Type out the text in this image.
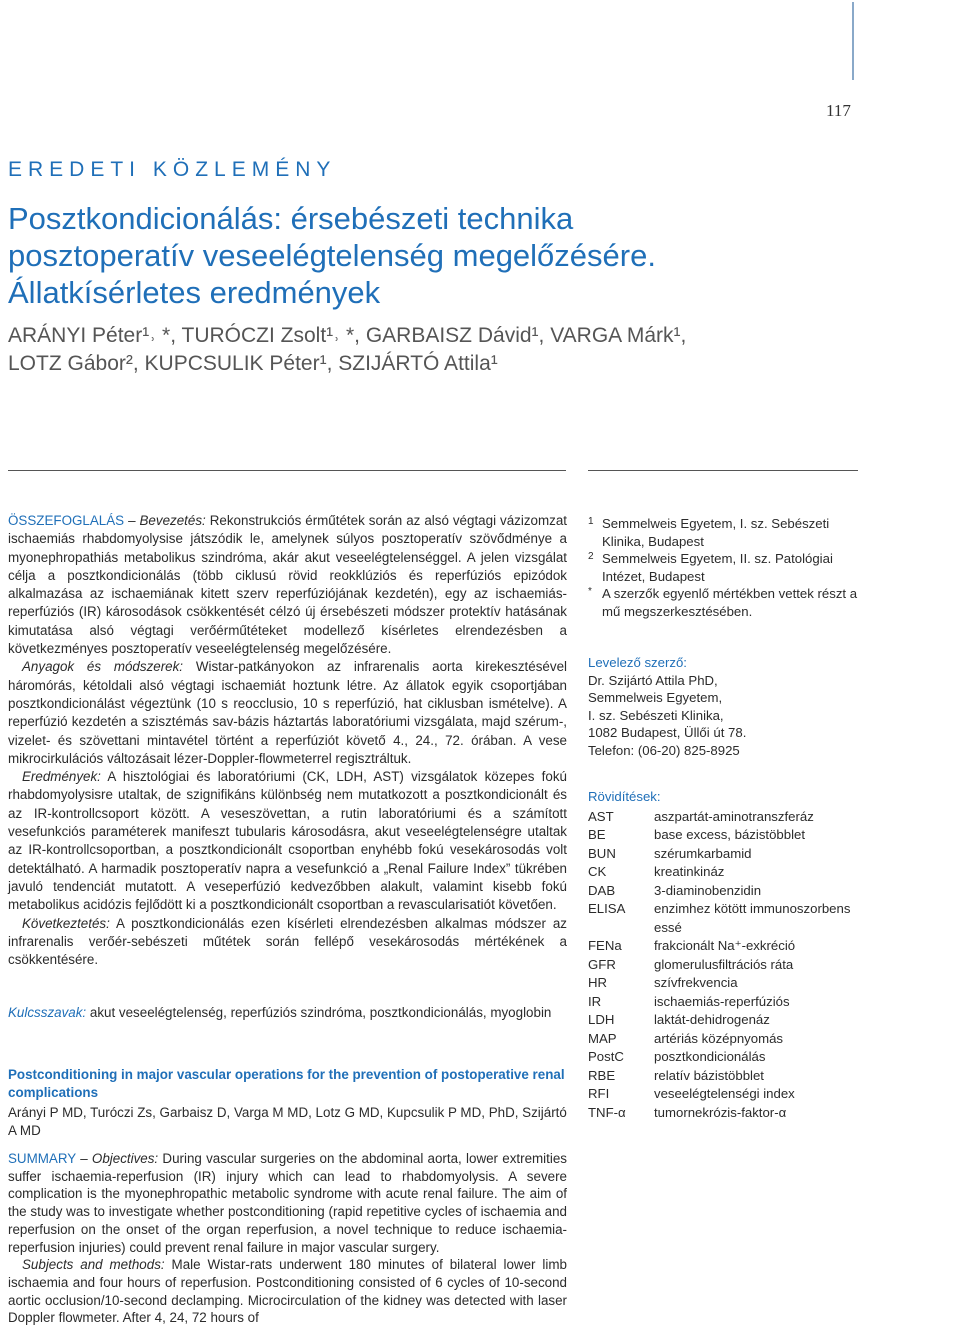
117
EREDETI KÖZLEMÉNY
Posztkondicionálás: érsebészeti technika
posztoperatív veseelégtelenség megelőzésére.
Állatkísérletes eredmények
ARÁNYI Péter¹˒ *, TURÓCZI Zsolt¹˒ *, GARBAISZ Dávid¹, VARGA Márk¹,
LOTZ Gábor², KUPCSULIK Péter¹, SZIJÁRTÓ Attila¹

ÖSSZEFOGLALÁS – Bevezetés: Rekonstrukciós érműtétek során az alsó végtagi vázizomzat ischaemiás rhabdomyolysise játszódik le, amelynek súlyos posztoperatív szövődménye a myonephropathiás metabolikus szindróma, akár akut veseelégtelenséggel. A jelen vizsgálat célja a posztkondicionálás (több ciklusú rövid reokklúziós és reperfúziós epizódok alkalmazása az ischaemiának kitett szerv reperfúziójának kezdetén), egy az ischaemiás-reperfúziós (IR) károsodások csökkentését célzó új érsebészeti módszer protektív hatásának kimutatása alsó végtagi verőérműtéteket modellező kísérletes elrendezésben a következményes posztoperatív veseelégtelenség megelőzésére.

Anyagok és módszerek: Wistar-patkányokon az infrarenalis aorta kirekesztésével háromórás, kétoldali alsó végtagi ischaemiát hoztunk létre. Az állatok egyik csoportjában posztkondicionálást végeztünk (10 s reocclusio, 10 s reperfúzió, hat ciklusban ismételve). A reperfúzió kezdetén a szisztémás sav-bázis háztartás laboratóriumi vizsgálata, majd szérum-, vizelet- és szövettani mintavétel történt a reperfúziót követő 4., 24., 72. órában. A vese mikrocirkulációs változásait lézer-Doppler-flowmeterrel regisztráltuk.

Eredmények: A hisztológiai és laboratóriumi (CK, LDH, AST) vizsgálatok közepes fokú rhabdomyolysisre utaltak, de szignifikáns különbség nem mutatkozott a posztkondicionált és az IR-kontrollcsoport között. A veseszövettan, a rutin laboratóriumi és a számított vesefunkciós paraméterek manifeszt tubularis károsodásra, akut veseelégtelenségre utaltak az IR-kontrollcsoportban, a posztkondicionált csoportban enyhébb fokú vesekárosodás volt detektálható. A harmadik posztoperatív napra a vesefunkció a „Renal Failure Index” tükrében javuló tendenciát mutatott. A veseperfúzió kedvezőbben alakult, valamint kisebb fokú metabolikus acidózis fejlődött ki a posztkondicionált csoportban a revascularisatiót követően.

Következtetés: A posztkondicionálás ezen kísérleti elrendezésben alkalmas módszer az infrarenalis verőér-sebészeti műtétek során fellépő vesekárosodás mértékének a csökkentésére.

Kulcsszavak: akut veseelégtelenség, reperfúziós szindróma, posztkondicionálás, myoglobin
Postconditioning in major vascular operations for the prevention of postoperative renal complications
Arányi P MD, Turóczi Zs, Garbaisz D, Varga M MD, Lotz G MD, Kupcsulik P MD, PhD, Szijártó A MD

SUMMARY – Objectives: During vascular surgeries on the abdominal aorta, lower extremities suffer ischaemia-reperfusion (IR) injury which can lead to rhabdomyolysis. A severe complication is the myonephropathic metabolic syndrome with acute renal failure. The aim of the study was to investigate whether postconditioning (rapid repetitive cycles of ischaemia and reperfusion on the onset of the organ reperfusion, a novel technique to reduce ischaemia-reperfusion injuries) could prevent renal failure in major vascular surgery.

Subjects and methods: Male Wistar-rats underwent 180 minutes of bilateral lower limb ischaemia and four hours of reperfusion. Postconditioning consisted of 6 cycles of 10-second aortic occlusion/10-second declamping. Microcirculation of the kidney was detected with laser Doppler flowmeter. After 4, 24, 72 hours of

1 Semmelweis Egyetem, I. sz. Sebészeti Klinika, Budapest
2 Semmelweis Egyetem, II. sz. Patológiai Intézet, Budapest
* A szerzők egyenlő mértékben vettek részt a mű megszerkesztésében.
Levelező szerző:
Dr. Szijártó Attila PhD,
Semmelweis Egyetem,
I. sz. Sebészeti Klinika,
1082 Budapest, Üllői út 78.
Telefon: (06-20) 825-8925
Rövidítések:
AST	aszpartát-aminotranszferáz
BE	base excess, bázistöbblet
BUN	szérumkarbamid
CK	kreatinkináz
DAB	3-diaminobenzidin
ELISA	enzimhez kötött immunoszorbens essé
FENa	frakcionált Na⁺-exkréció
GFR	glomerulusfiltrációs ráta
HR	szívfrekvencia
IR	ischaemiás-reperfúziós
LDH	laktát-dehidrogenáz
MAP	artériás középnyomás
PostC	posztkondicionálás
RBE	relatív bázistöbblet
RFI	veseelégtelenségi index
TNF-α	tumornekrózis-faktor-α
